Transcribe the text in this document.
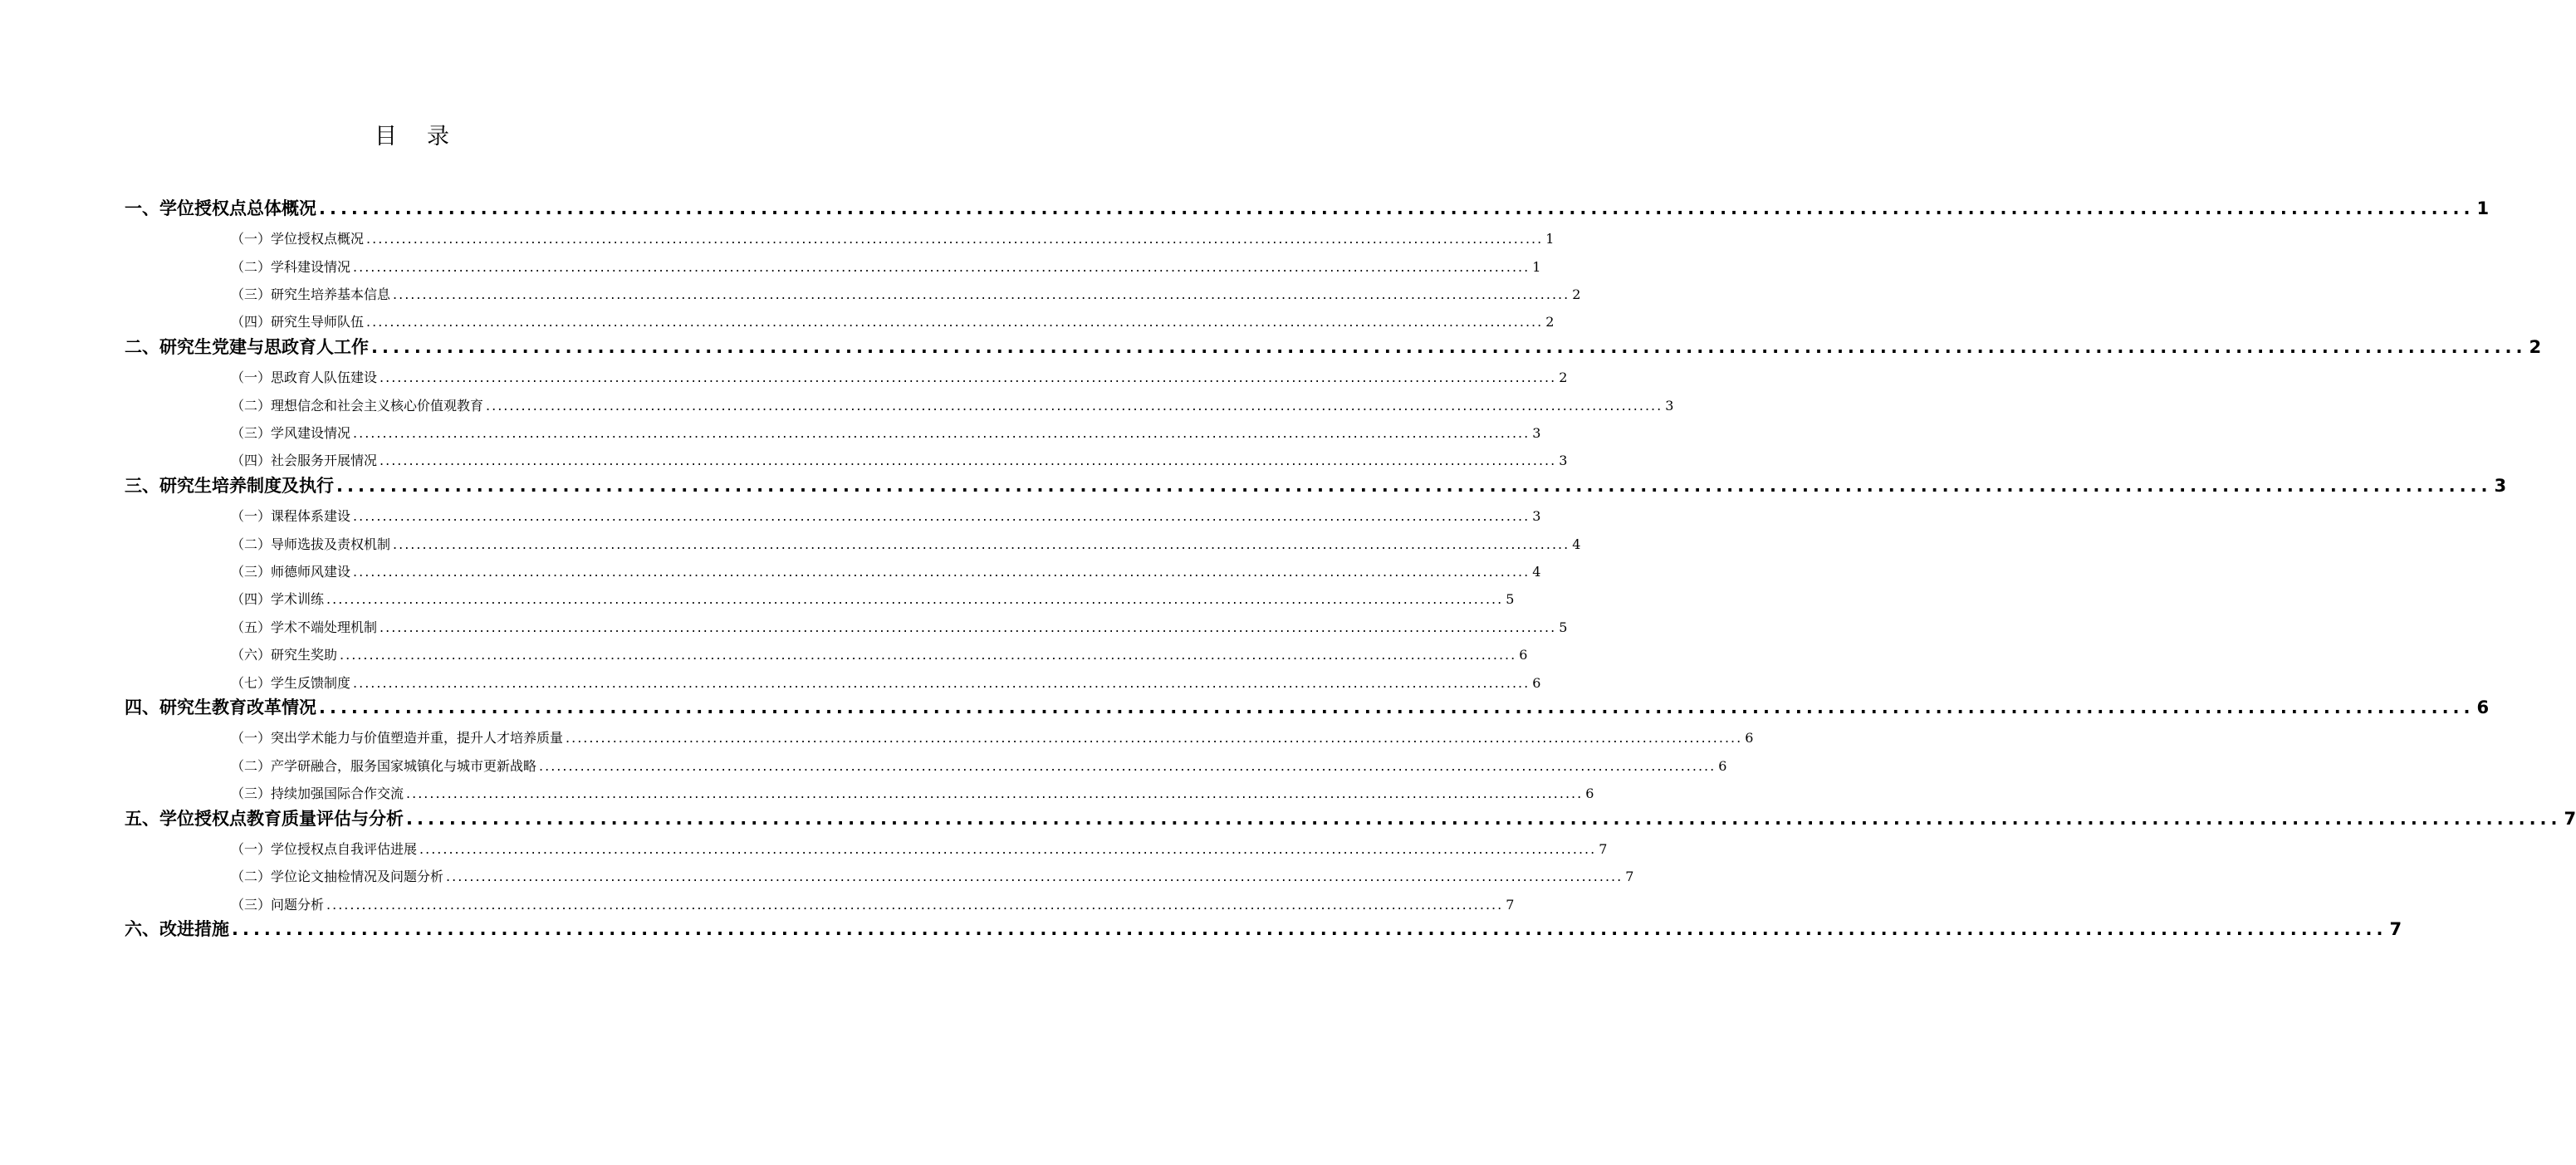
目录
一、学位授权点总体概况 ........................................................................................................................................................................................................ 1
（一）学位授权点概况 ........................................................................................................................................................................................................ 1
（二）学科建设情况 ........................................................................................................................................................................................................ 1
（三）研究生培养基本信息 ........................................................................................................................................................................................................ 2
（四）研究生导师队伍 ........................................................................................................................................................................................................ 2
二、研究生党建与思政育人工作 ........................................................................................................................................................................................................ 2
（一）思政育人队伍建设 ........................................................................................................................................................................................................ 2
（二）理想信念和社会主义核心价值观教育 ........................................................................................................................................................................................................ 3
（三）学风建设情况 ........................................................................................................................................................................................................ 3
（四）社会服务开展情况 ........................................................................................................................................................................................................ 3
三、研究生培养制度及执行 ........................................................................................................................................................................................................ 3
（一）课程体系建设 ........................................................................................................................................................................................................ 3
（二）导师选拔及责权机制 ........................................................................................................................................................................................................ 4
（三）师德师风建设 ........................................................................................................................................................................................................ 4
（四）学术训练 ........................................................................................................................................................................................................ 5
（五）学术不端处理机制 ........................................................................................................................................................................................................ 5
（六）研究生奖助 ........................................................................................................................................................................................................ 6
（七）学生反馈制度 ........................................................................................................................................................................................................ 6
四、研究生教育改革情况 ........................................................................................................................................................................................................ 6
（一）突出学术能力与价值塑造并重，提升人才培养质量 ........................................................................................................................................................................................................ 6
（二）产学研融合，服务国家城镇化与城市更新战略 ........................................................................................................................................................................................................ 6
（三）持续加强国际合作交流 ........................................................................................................................................................................................................ 6
五、学位授权点教育质量评估与分析 ........................................................................................................................................................................................................ 7
（一）学位授权点自我评估进展 ........................................................................................................................................................................................................ 7
（二）学位论文抽检情况及问题分析 ........................................................................................................................................................................................................ 7
（三）问题分析 ........................................................................................................................................................................................................ 7
六、改进措施 ........................................................................................................................................................................................................ 7
